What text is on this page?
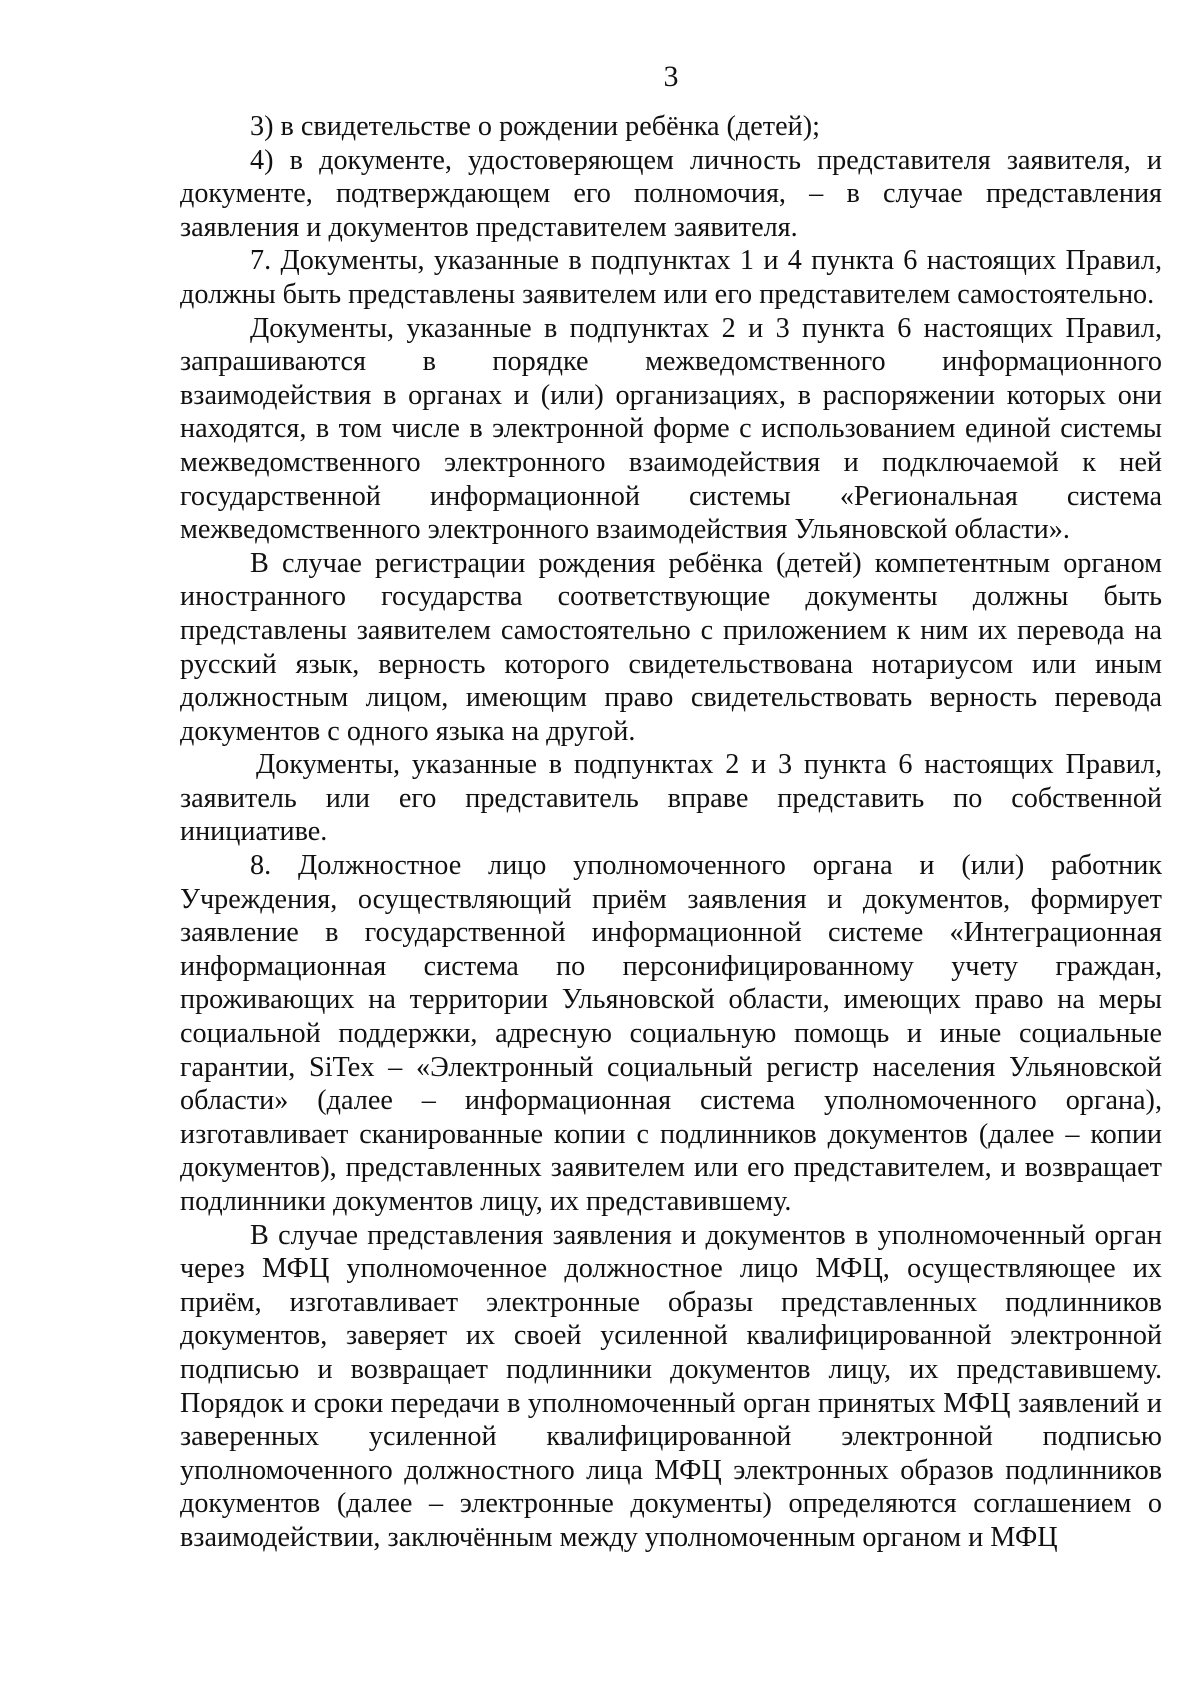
3

3) в свидетельстве о рождении ребёнка (детей);

4) в документе, удостоверяющем личность представителя заявителя, и документе, подтверждающем его полномочия, – в случае представления заявления и документов представителем заявителя.

7. Документы, указанные в подпунктах 1 и 4 пункта 6 настоящих Правил, должны быть представлены заявителем или его представителем самостоятельно.

Документы, указанные в подпунктах 2 и 3 пункта 6 настоящих Правил, запрашиваются в порядке межведомственного информационного взаимодействия в органах и (или) организациях, в распоряжении которых они находятся, в том числе в электронной форме с использованием единой системы межведомственного электронного взаимодействия и подключаемой к ней государственной информационной системы «Региональная система межведомственного электронного взаимодействия Ульяновской области».

В случае регистрации рождения ребёнка (детей) компетентным органом иностранного государства соответствующие документы должны быть представлены заявителем самостоятельно с приложением к ним их перевода на русский язык, верность которого свидетельствована нотариусом или иным должностным лицом, имеющим право свидетельствовать верность перевода документов с одного языка на другой.

Документы, указанные в подпунктах 2 и 3 пункта 6 настоящих Правил, заявитель или его представитель вправе представить по собственной инициативе.

8. Должностное лицо уполномоченного органа и (или) работник Учреждения, осуществляющий приём заявления и документов, формирует заявление в государственной информационной системе «Интеграционная информационная система по персонифицированному учету граждан, проживающих на территории Ульяновской области, имеющих право на меры социальной поддержки, адресную социальную помощь и иные социальные гарантии, SiTex – «Электронный социальный регистр населения Ульяновской области» (далее – информационная система уполномоченного органа), изготавливает сканированные копии с подлинников документов (далее – копии документов), представленных заявителем или его представителем, и возвращает подлинники документов лицу, их представившему.

В случае представления заявления и документов в уполномоченный орган через МФЦ уполномоченное должностное лицо МФЦ, осуществляющее их приём, изготавливает электронные образы представленных подлинников документов, заверяет их своей усиленной квалифицированной электронной подписью и возвращает подлинники документов лицу, их представившему. Порядок и сроки передачи в уполномоченный орган принятых МФЦ заявлений и заверенных усиленной квалифицированной электронной подписью уполномоченного должностного лица МФЦ электронных образов подлинников документов (далее – электронные документы) определяются соглашением о взаимодействии, заключённым между уполномоченным органом и МФЦ
